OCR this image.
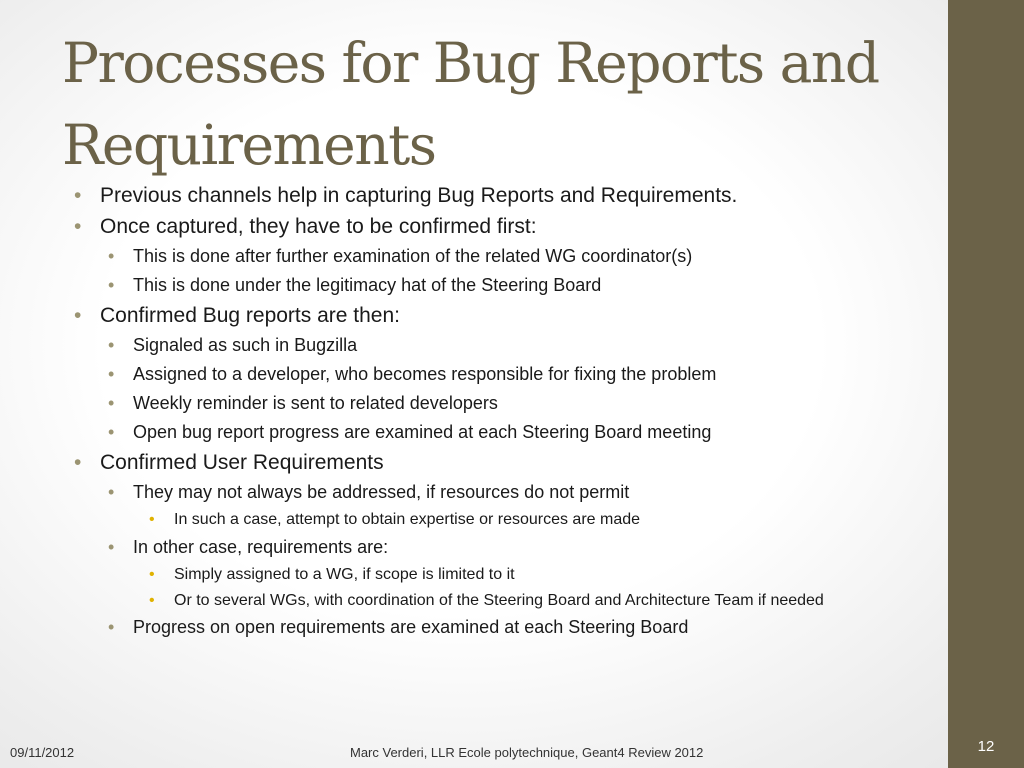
Processes for Bug Reports and Requirements
• Previous channels help in capturing Bug Reports and Requirements.
• Once captured, they have to be confirmed first:
• This is done after further examination of the related WG coordinator(s)
• This is done under the legitimacy hat of the Steering Board
• Confirmed Bug reports are then:
• Signaled as such in Bugzilla
• Assigned to a developer, who becomes responsible for fixing the problem
• Weekly reminder is sent to related developers
• Open bug report progress are examined at each Steering Board meeting
• Confirmed User Requirements
• They may not always be addressed, if resources do not permit
• In such a case, attempt to obtain expertise or resources are made
• In other case, requirements are:
• Simply assigned to a WG, if scope is limited to it
• Or to several WGs, with coordination of the Steering Board and Architecture Team if needed
• Progress on open requirements are examined at each Steering Board

09/11/2012	Marc Verderi, LLR Ecole polytechnique, Geant4 Review 2012	12
